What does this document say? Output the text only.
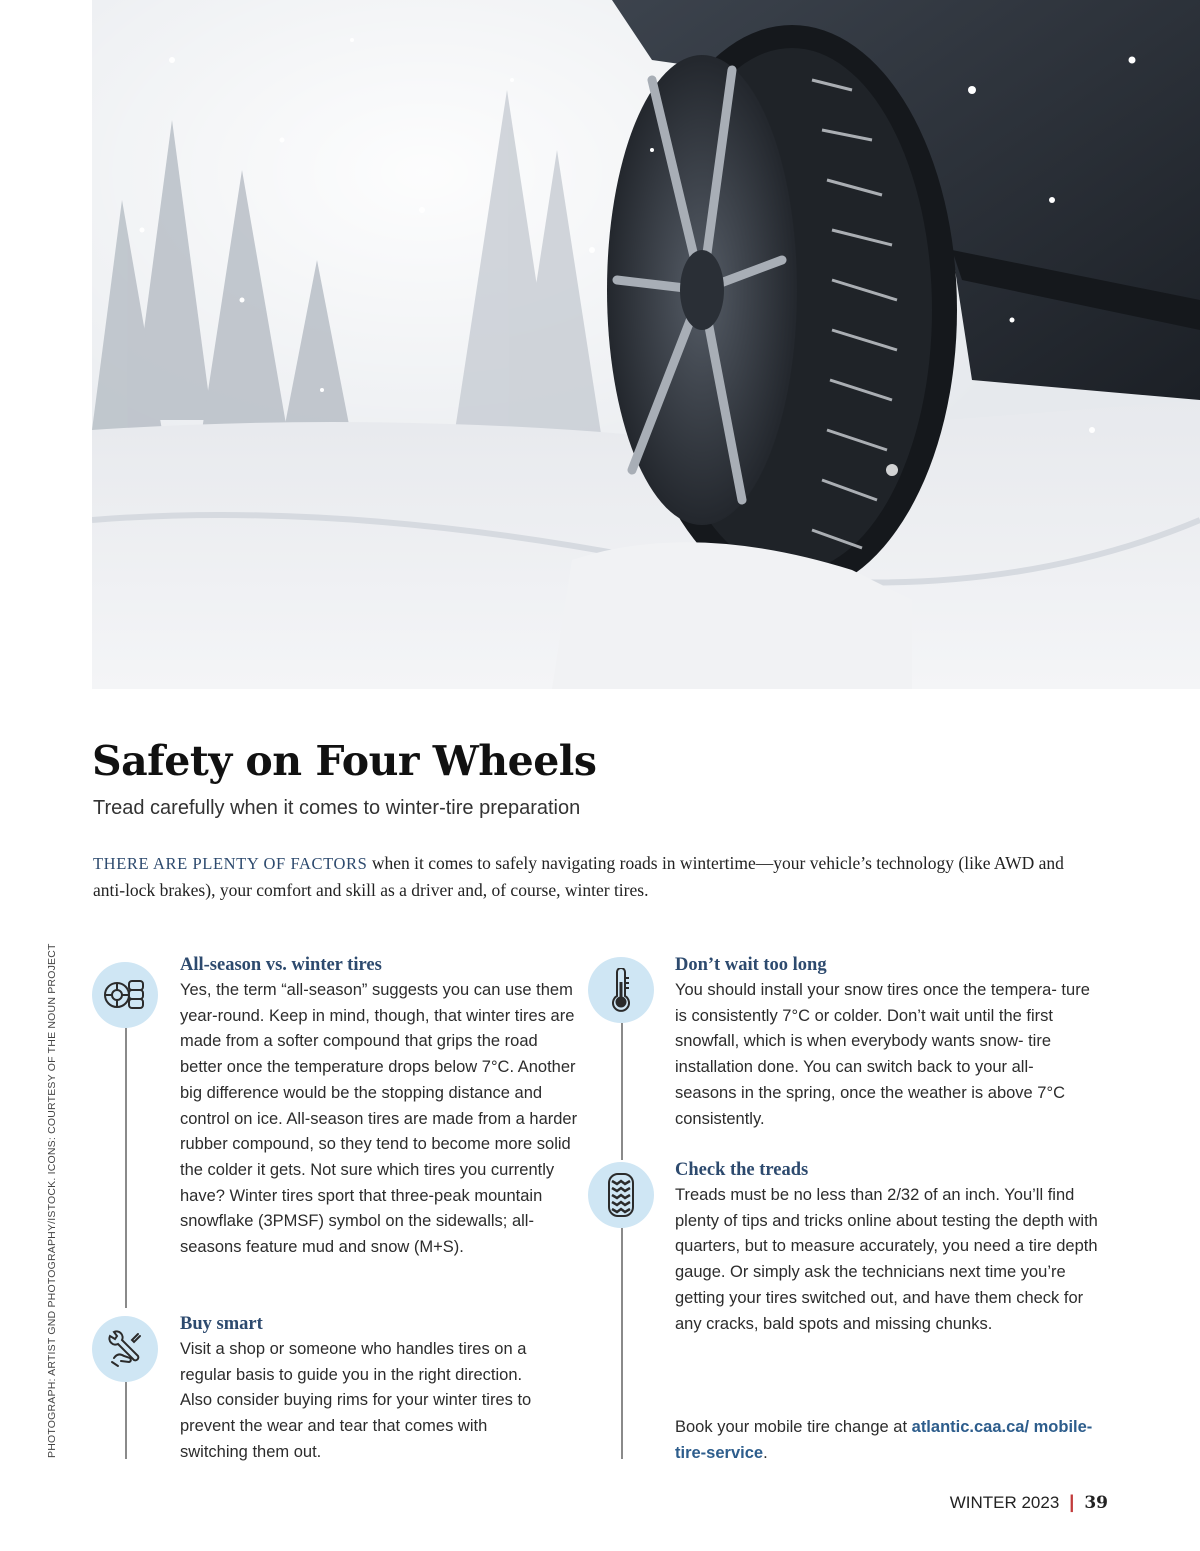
PHOTOGRAPH: ARTIST GND PHOTOGRAPHY/ISTOCK. ICONS: COURTESY OF THE NOUN PROJECT
Safety on Four Wheels
Tread carefully when it comes to winter-tire preparation

THERE ARE PLENTY OF FACTORS when it comes to safely navigating roads in wintertime—your vehicle’s technology (like AWD and anti-lock brakes), your comfort and skill as a driver and, of course, winter tires.

All-season vs. winter tires

Yes, the term “all-season” suggests you can use them year-round. Keep in mind, though, that winter tires are made from a softer compound that grips the road better once the temperature drops below 7°C. Another big difference would be the stopping distance and control on ice. All-season tires are made from a harder rubber compound, so they tend to become more solid the colder it gets. Not sure which tires you currently have? Winter tires sport that three-peak mountain snowflake (3PMSF) symbol on the sidewalls; all-seasons feature mud and snow (M+S).

Buy smart

Visit a shop or someone who handles tires on a regular basis to guide you in the right direction. Also consider buying rims for your winter tires to prevent the wear and tear that comes with switching them out.

Don’t wait too long

You should install your snow tires once the tempera- ture is consistently 7°C or colder. Don’t wait until the first snowfall, which is when everybody wants snow- tire installation done. You can switch back to your all-seasons in the spring, once the weather is above 7°C consistently.

Check the treads

Treads must be no less than 2/32 of an inch. You’ll find plenty of tips and tricks online about testing the depth with quarters, but to measure accurately, you need a tire depth gauge. Or simply ask the technicians next time you’re getting your tires switched out, and have them check for any cracks, bald spots and missing chunks.

Book your mobile tire change at atlantic.caa.ca/ mobile-tire-service.

WINTER 2023 | 39
